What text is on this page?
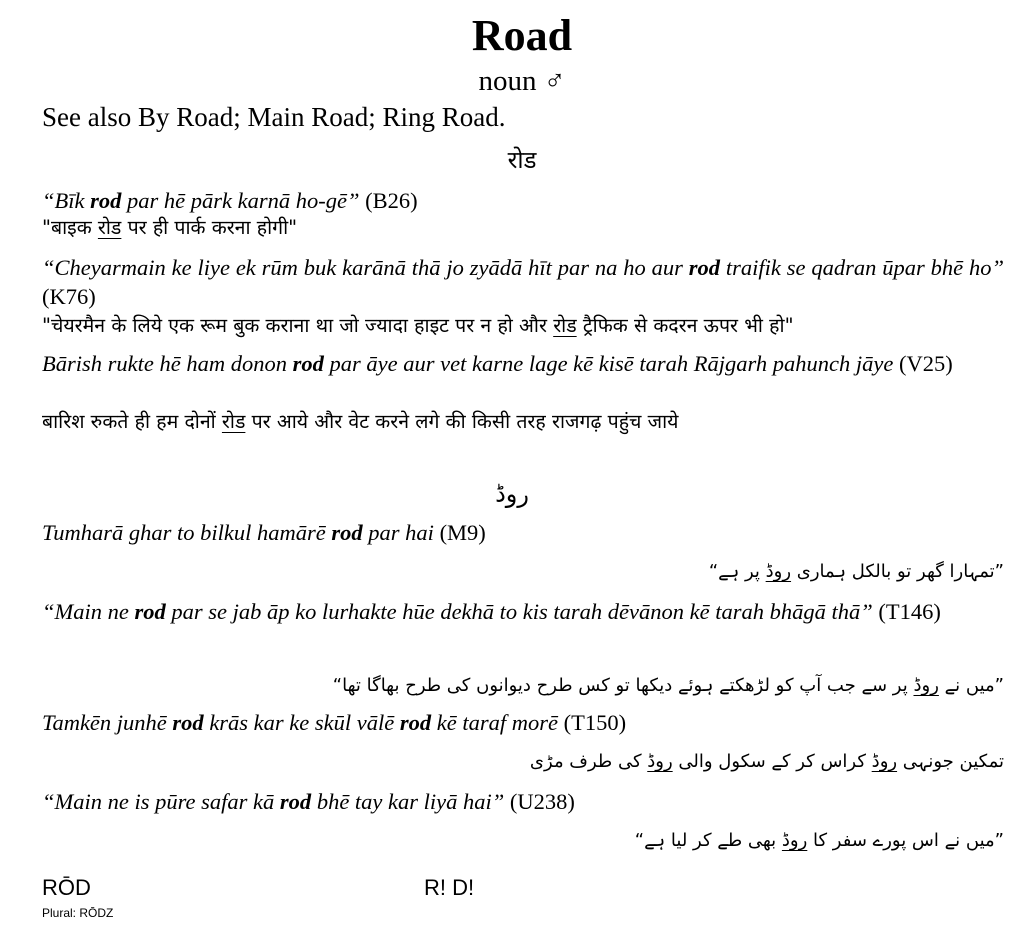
Road
noun ♂
See also By Road; Main Road; Ring Road.
रोड
“Bīk rod par hē pārk karnā ho-gē” (B26)
"बाइक रोड पर ही पार्क करना होगी"
“Cheyarmain ke liye ek rūm buk karānā thā jo zyādā hīt par na ho aur rod traifik se qadran ūpar bhē ho” (K76)
"चेयरमैन के लिये एक रूम बुक कराना था जो ज्यादा हाइट पर न हो और रोड ट्रैफिक से कदरन ऊपर भी हो"
Bārish rukte hē ham donon rod par āye aur vet karne lage kē kisē tarah Rājgarh pahunch jāye (V25)
बारिश रुकते ही हम दोनों रोड पर आये और वेट करने लगे की किसी तरह राजगढ़ पहुंच जाये
روڈ
Tumharā ghar to bilkul hamārē rod par hai (M9)
”تمہارا گھر تو بالکل ہماری روڈ پر ہے“
“Main ne rod par se jab āp ko lurhakte hūe dekhā to kis tarah dēvānon kē tarah bhāgā thā” (T146)
”میں نے روڈ پر سے جب آپ کو لڑھکتے ہوئے دیکھا تو کس طرح دیوانوں کی طرح بھاگا تھا“
Tamkēn junhē rod krās kar ke skūl vālē rod kē taraf morē (T150)
تمکین جونہی روڈ کراس کر کے سکول والی روڈ کی طرف مڑی
“Main ne is pūre safar kā rod bhē tay kar liyā hai” (U238)
”میں نے اس پورے سفر کا روڈ بھی طے کر لیا ہے“
RŌD	R! D!
Plural: RŌDZ
